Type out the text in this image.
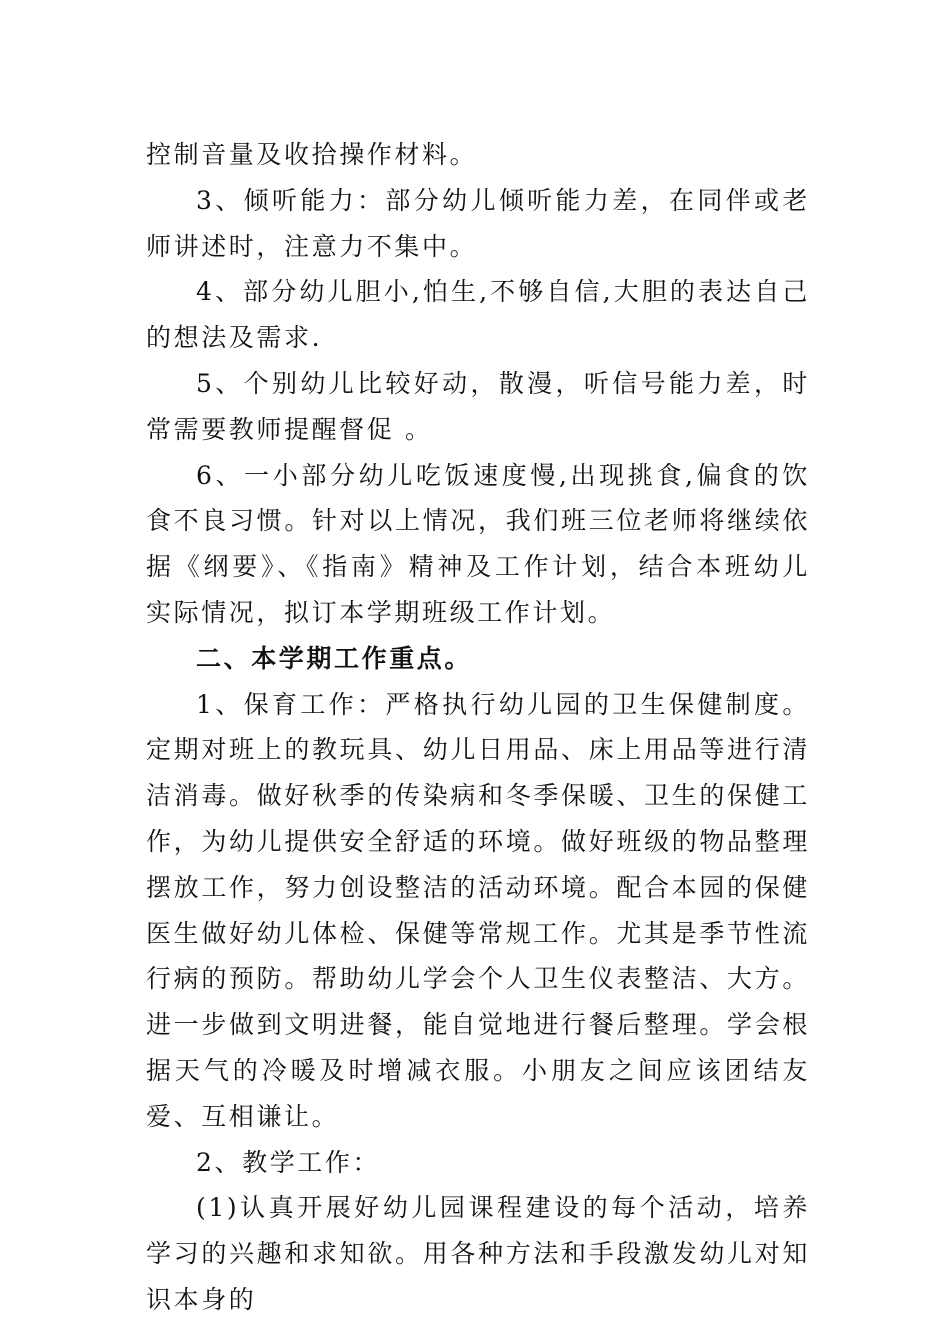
控制音量及收拾操作材料。

3、倾听能力：部分幼儿倾听能力差，在同伴或老师讲述时，注意力不集中。

4、部分幼儿胆小,怕生,不够自信,大胆的表达自己的想法及需求.

5、个别幼儿比较好动，散漫，听信号能力差，时常需要教师提醒督促 。

6、一小部分幼儿吃饭速度慢,出现挑食,偏食的饮食不良习惯。针对以上情况，我们班三位老师将继续依据《纲要》、《指南》精神及工作计划，结合本班幼儿实际情况，拟订本学期班级工作计划。

二、本学期工作重点。

1、保育工作：严格执行幼儿园的卫生保健制度。定期对班上的教玩具、幼儿日用品、床上用品等进行清洁消毒。做好秋季的传染病和冬季保暖、卫生的保健工作，为幼儿提供安全舒适的环境。做好班级的物品整理摆放工作，努力创设整洁的活动环境。配合本园的保健医生做好幼儿体检、保健等常规工作。尤其是季节性流行病的预防。帮助幼儿学会个人卫生仪表整洁、大方。进一步做到文明进餐，能自觉地进行餐后整理。学会根据天气的冷暖及时增减衣服。小朋友之间应该团结友爱、互相谦让。

2、教学工作：

(1)认真开展好幼儿园课程建设的每个活动，培养学习的兴趣和求知欲。用各种方法和手段激发幼儿对知识本身的
